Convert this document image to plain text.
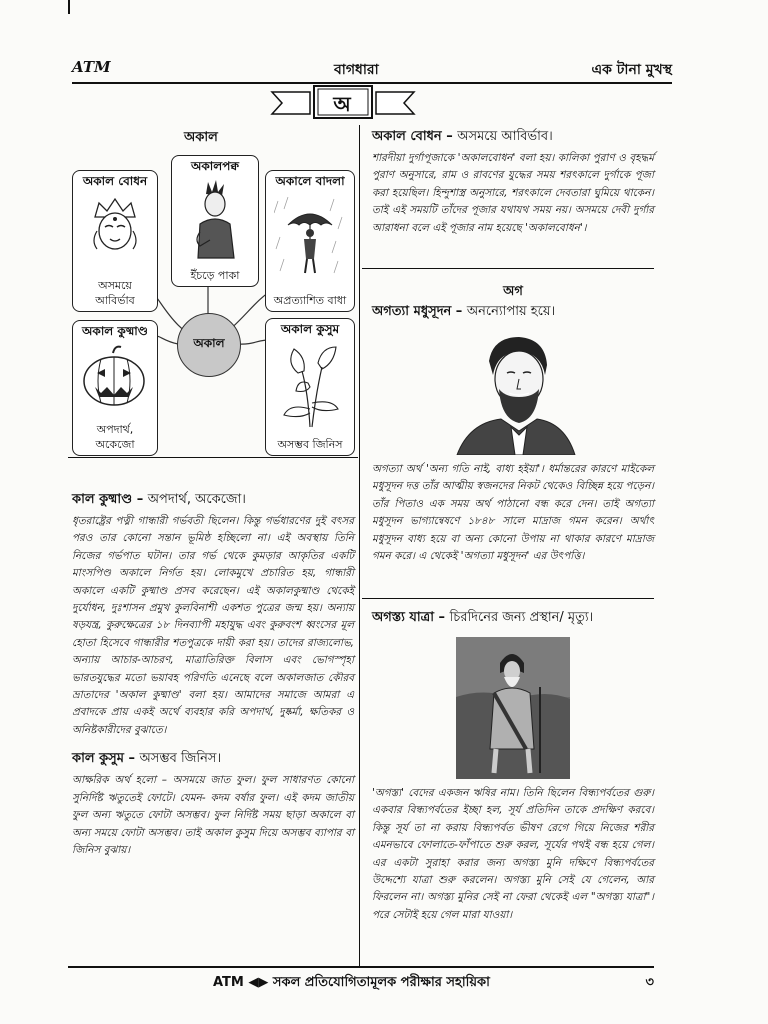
ATM	বাগধারা	এক টানা মুখস্থ
অ
অকাল
অকাল বোধন
অসময়ে আবির্ভাব
অকালপক্ব
ইঁচড়ে পাকা
অকালে বাদলা
অপ্রত্যাশিত বাধা
অকাল কুষ্মাণ্ড
অপদার্থ, অকেজো
অকাল কুসুম
অসম্ভব জিনিস
অকাল
কাল কুষ্মাণ্ড – অপদার্থ, অকেজো।

ধৃতরাষ্ট্রের পত্নী গান্ধারী গর্ভবতী ছিলেন। কিন্তু গর্ভধারণের দুই বৎসর পরও তার কোনো সন্তান ভূমিষ্ঠ হচ্ছিলো না। এই অবস্থায় তিনি নিজের গর্ভপাত ঘটান। তার গর্ভ থেকে কুমড়ার আকৃতির একটি মাংসপিণ্ড অকালে নির্গত হয়। লোকমুখে প্রচারিত হয়, গান্ধারী অকালে একটি কুষ্মাণ্ড প্রসব করেছেন। এই অকালকুষ্মাণ্ড থেকেই দুর্যোধন, দুঃশাসন প্রমুখ কুলবিনাশী একশত পুত্রের জন্ম হয়। অন্যায় ষড়যন্ত্র, কুরুক্ষেত্রের ১৮ দিনব্যাপী মহাযুদ্ধ এবং কুরুবংশ ধ্বংসের মূল হোতা হিসেবে গান্ধারীর শতপুত্রকে দায়ী করা হয়। তাদের রাজ্যলোভ, অন্যায় আচার-আচরণ, মাত্রাতিরিক্ত বিলাস এবং ভোগস্পৃহা ভারতযুদ্ধের মতো ভয়াবহ পরিণতি এনেছে বলে অকালজাত কৌরব ভ্রাতাদের 'অকাল কুষ্মাণ্ড' বলা হয়। আমাদের সমাজে আমরা এ প্রবাদকে প্রায় একই অর্থে ব্যবহার করি অপদার্থ, দুষ্কর্মা, ক্ষতিকর ও অনিষ্টকারীদের বুঝাতে।

কাল কুসুম – অসম্ভব জিনিস।

আক্ষরিক অর্থ হলো – অসময়ে জাত ফুল। ফুল সাধারণত কোনো সুনির্দিষ্ট ঋতুতেই ফোটে। যেমন- কদম বর্ষার ফুল। এই কদম জাতীয় ফুল অন্য ঋতুতে ফোটা অসম্ভব। ফুল নির্দিষ্ট সময় ছাড়া অকালে বা অন্য সময়ে ফোটা অসম্ভব। তাই অকাল কুসুম দিয়ে অসম্ভব ব্যাপার বা জিনিস বুঝায়।

অকাল বোধন – অসময়ে আবির্ভাব।

শারদীয়া দুর্গাপূজাকে 'অকালবোধন' বলা হয়। কালিকা পুরাণ ও বৃহদ্ধর্ম পুরাণ অনুসারে, রাম ও রাবণের যুদ্ধের সময় শরৎকালে দুর্গাকে পূজা করা হয়েছিল। হিন্দুশাস্ত্র অনুসারে, শরৎকালে দেবতারা ঘুমিয়ে থাকেন। তাই এই সময়টি তাঁদের পূজার যথাযথ সময় নয়। অসময়ে দেবী দুর্গার আরাধনা বলে এই পূজার নাম হয়েছে 'অকালবোধন'।

অগ
অগত্যা মধুসূদন – অনন্যোপায় হয়ে।

অগত্যা অর্থ 'অন্য গতি নাই, বাধ্য হইয়া'। ধর্মান্তরের কারণে মাইকেল মধুসূদন দত্ত তাঁর আত্মীয় স্বজনদের নিকট থেকেও বিচ্ছিন্ন হয়ে পড়েন। তাঁর পিতাও এক সময় অর্থ পাঠানো বন্ধ করে দেন। তাই অগত্যা মধুসূদন ভাগ্যান্বেষণে ১৮৪৮ সালে মাদ্রাজ গমন করেন। অর্থাৎ মধুসূদন বাধ্য হয়ে বা অন্য কোনো উপায় না থাকার কারণে মাদ্রাজ গমন করে। এ থেকেই 'অগত্যা মধুসূদন' এর উৎপত্তি।

অগস্ত্য যাত্রা – চিরদিনের জন্য প্রস্থান/ মৃত্যু।

'অগস্ত্য' বেদের একজন ঋষির নাম। তিনি ছিলেন বিন্ধ্যপর্বতের গুরু। একবার বিন্ধ্যপর্বতের ইচ্ছা হল, সূর্য প্রতিদিন তাকে প্রদক্ষিণ করবে। কিন্তু সূর্য তা না করায় বিন্ধ্যপর্বত ভীষণ রেগে গিয়ে নিজের শরীর এমনভাবে ফোলাতে-ফাঁপাতে শুরু করল, সূর্যের পথই বন্ধ হয়ে গেল। এর একটা সুরাহা করার জন্য অগস্ত্য মুনি দক্ষিণে বিন্ধ্যপর্বতের উদ্দেশ্যে যাত্রা শুরু করলেন। অগস্ত্য মুনি সেই যে গেলেন, আর ফিরলেন না। অগস্ত্য মুনির সেই না ফেরা থেকেই এল "অগস্ত্য যাত্রা"। পরে সেটাই হয়ে গেল মারা যাওয়া।

ATM ◀▶ সকল প্রতিযোগিতামূলক পরীক্ষার সহায়িকা	৩
